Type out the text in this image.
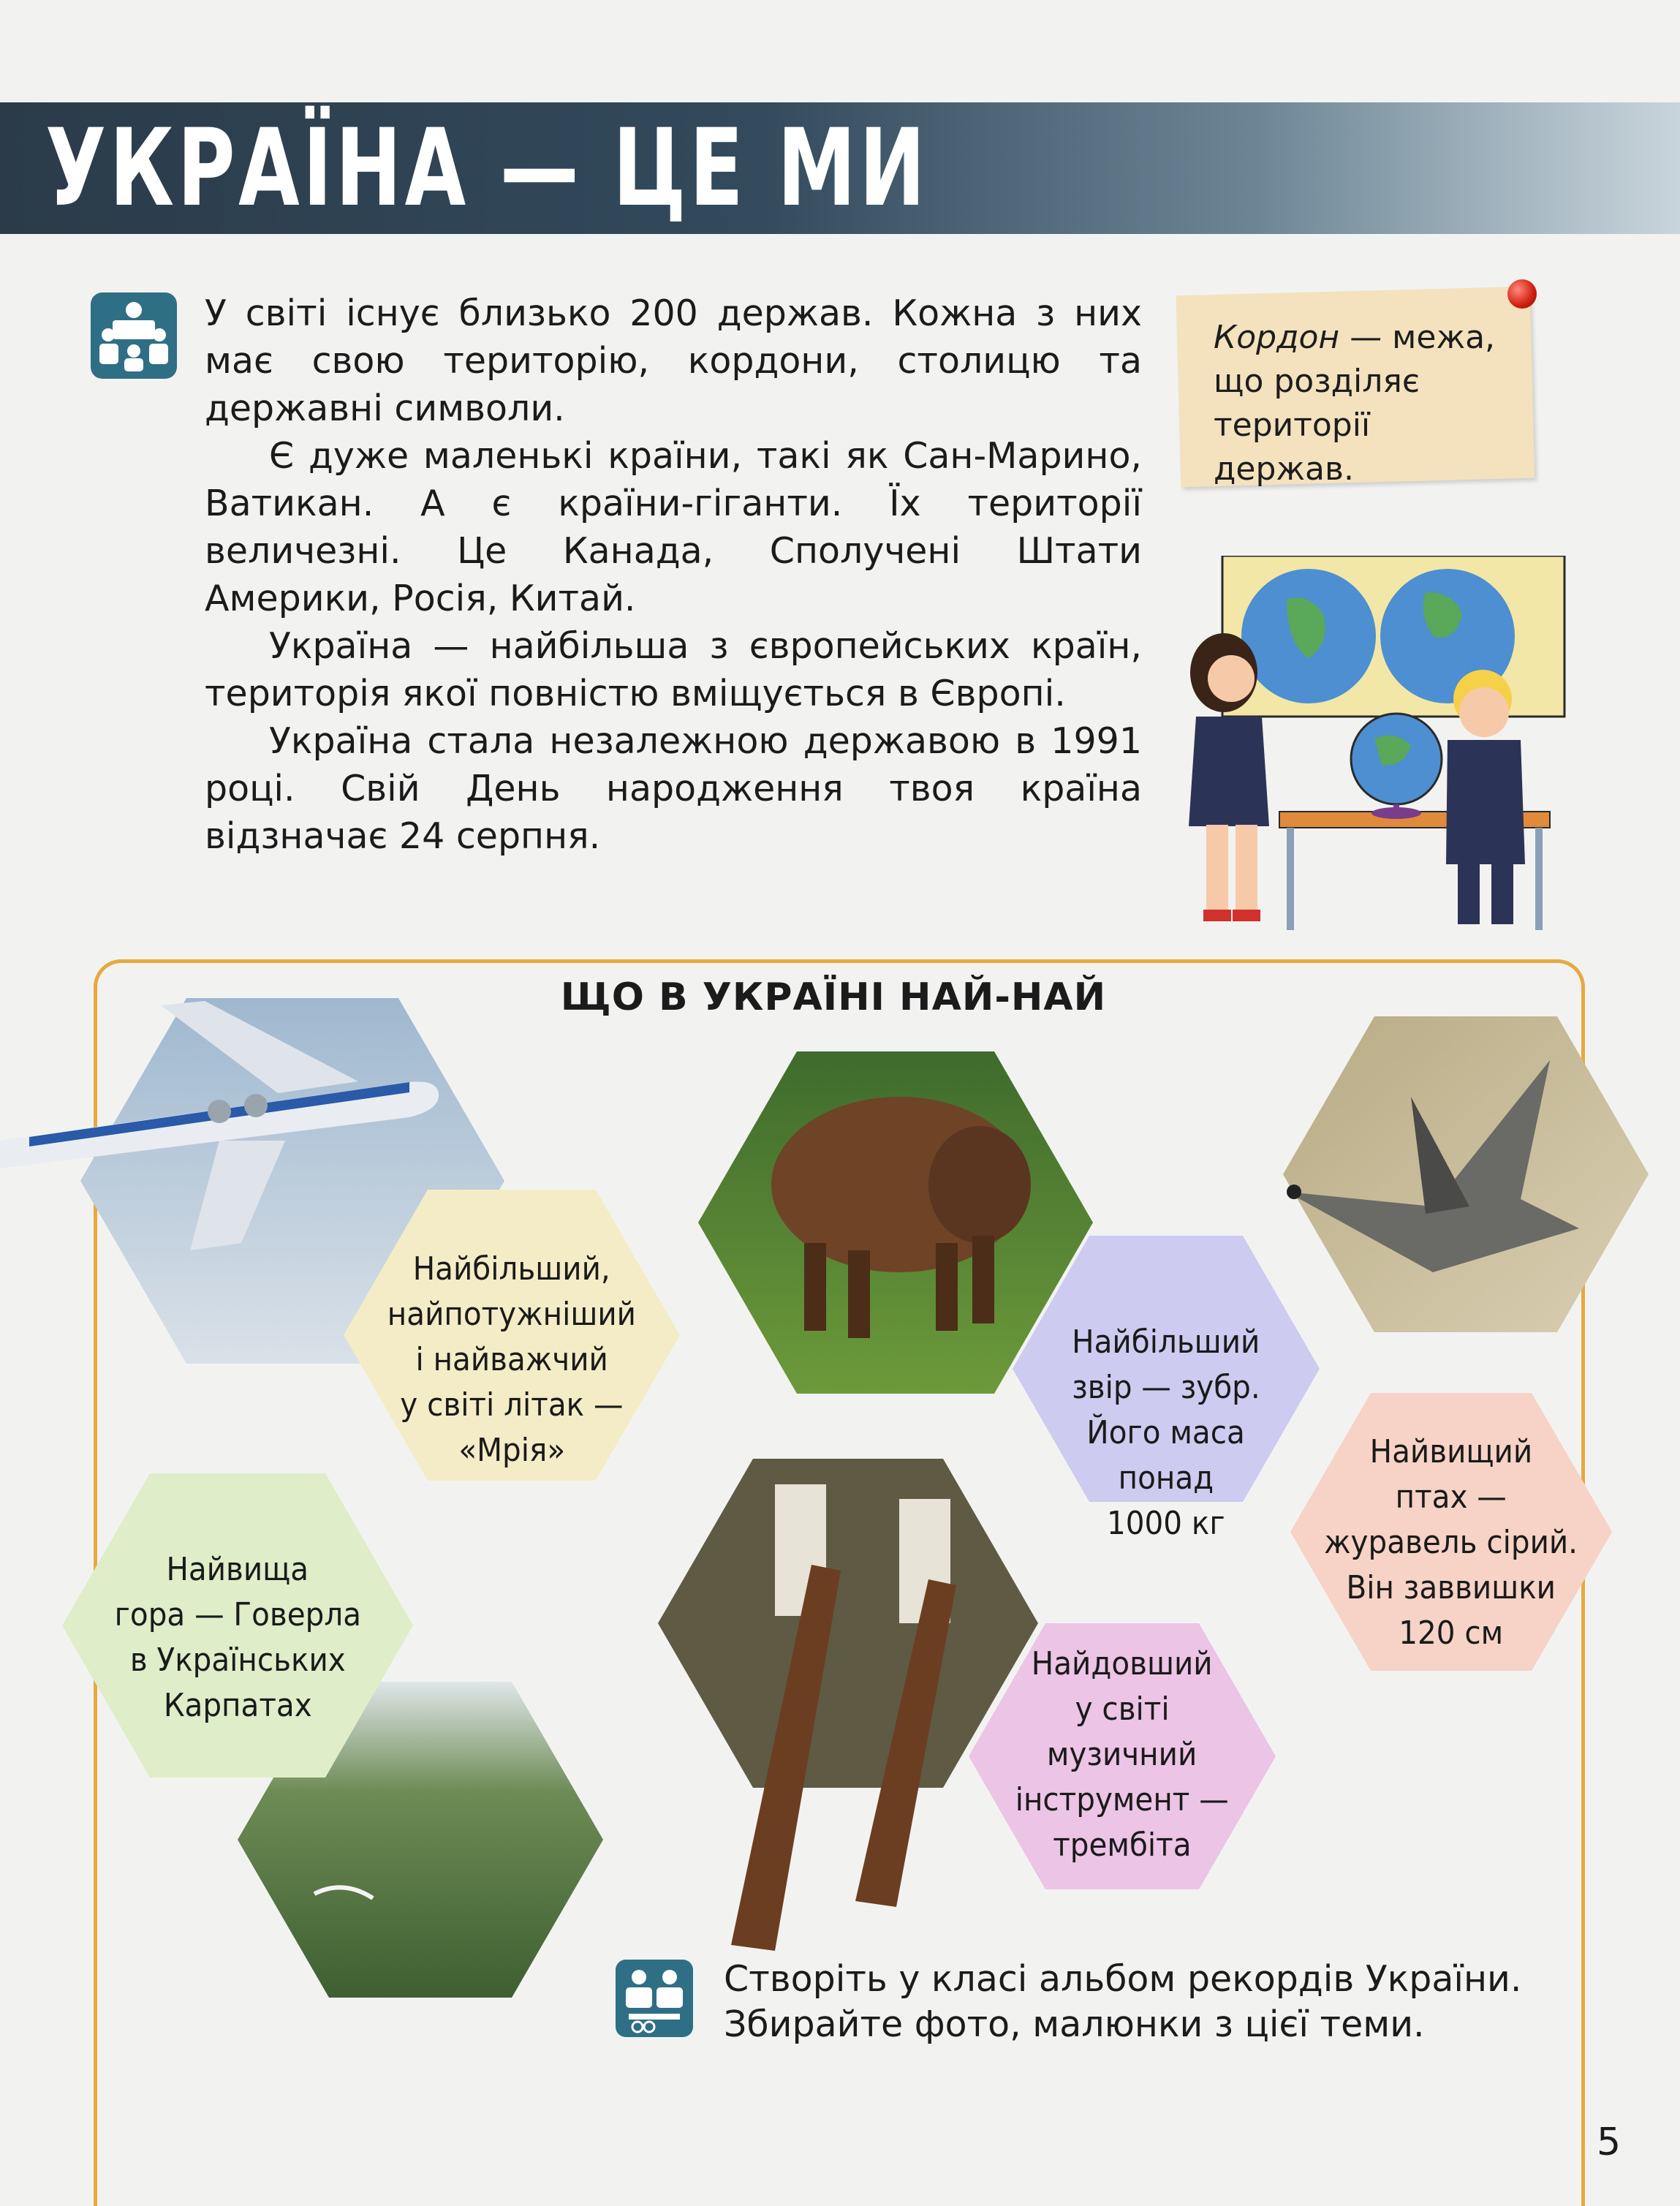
УКРАЇНА — ЦЕ МИ

У світі існує близько 200 держав. Кожна з них має свою територію, кордони, столицю та державні символи.

Є дуже маленькі країни, такі як Сан-Марино, Ватикан. А є країни-гіганти. Їх території величезні. Це Канада, Сполучені Штати Америки, Росія, Китай.

Україна — найбільша з європейських країн, територія якої повністю вміщується в Європі.

Україна стала незалежною державою в 1991 році. Свій День народження твоя країна відзначає 24 серпня.

Кордон — межа, що розділяє території держав.
ЩО В УКРАЇНІ НАЙ-НАЙ
Найбільший,
найпотужніший
і найважчий
у світі літак —
«Мрія»
Найбільший
звір — зубр.
Його маса
понад
1000 кг
Найвищий
птах —
журавель сірий.
Він заввишки
120 см
Найвища
гора — Говерла
в Українських
Карпатах
Найдовший
у світі
музичний
інструмент —
трембіта
Створіть у класі альбом рекордів України.
Збирайте фото, малюнки з цієї теми.
5
